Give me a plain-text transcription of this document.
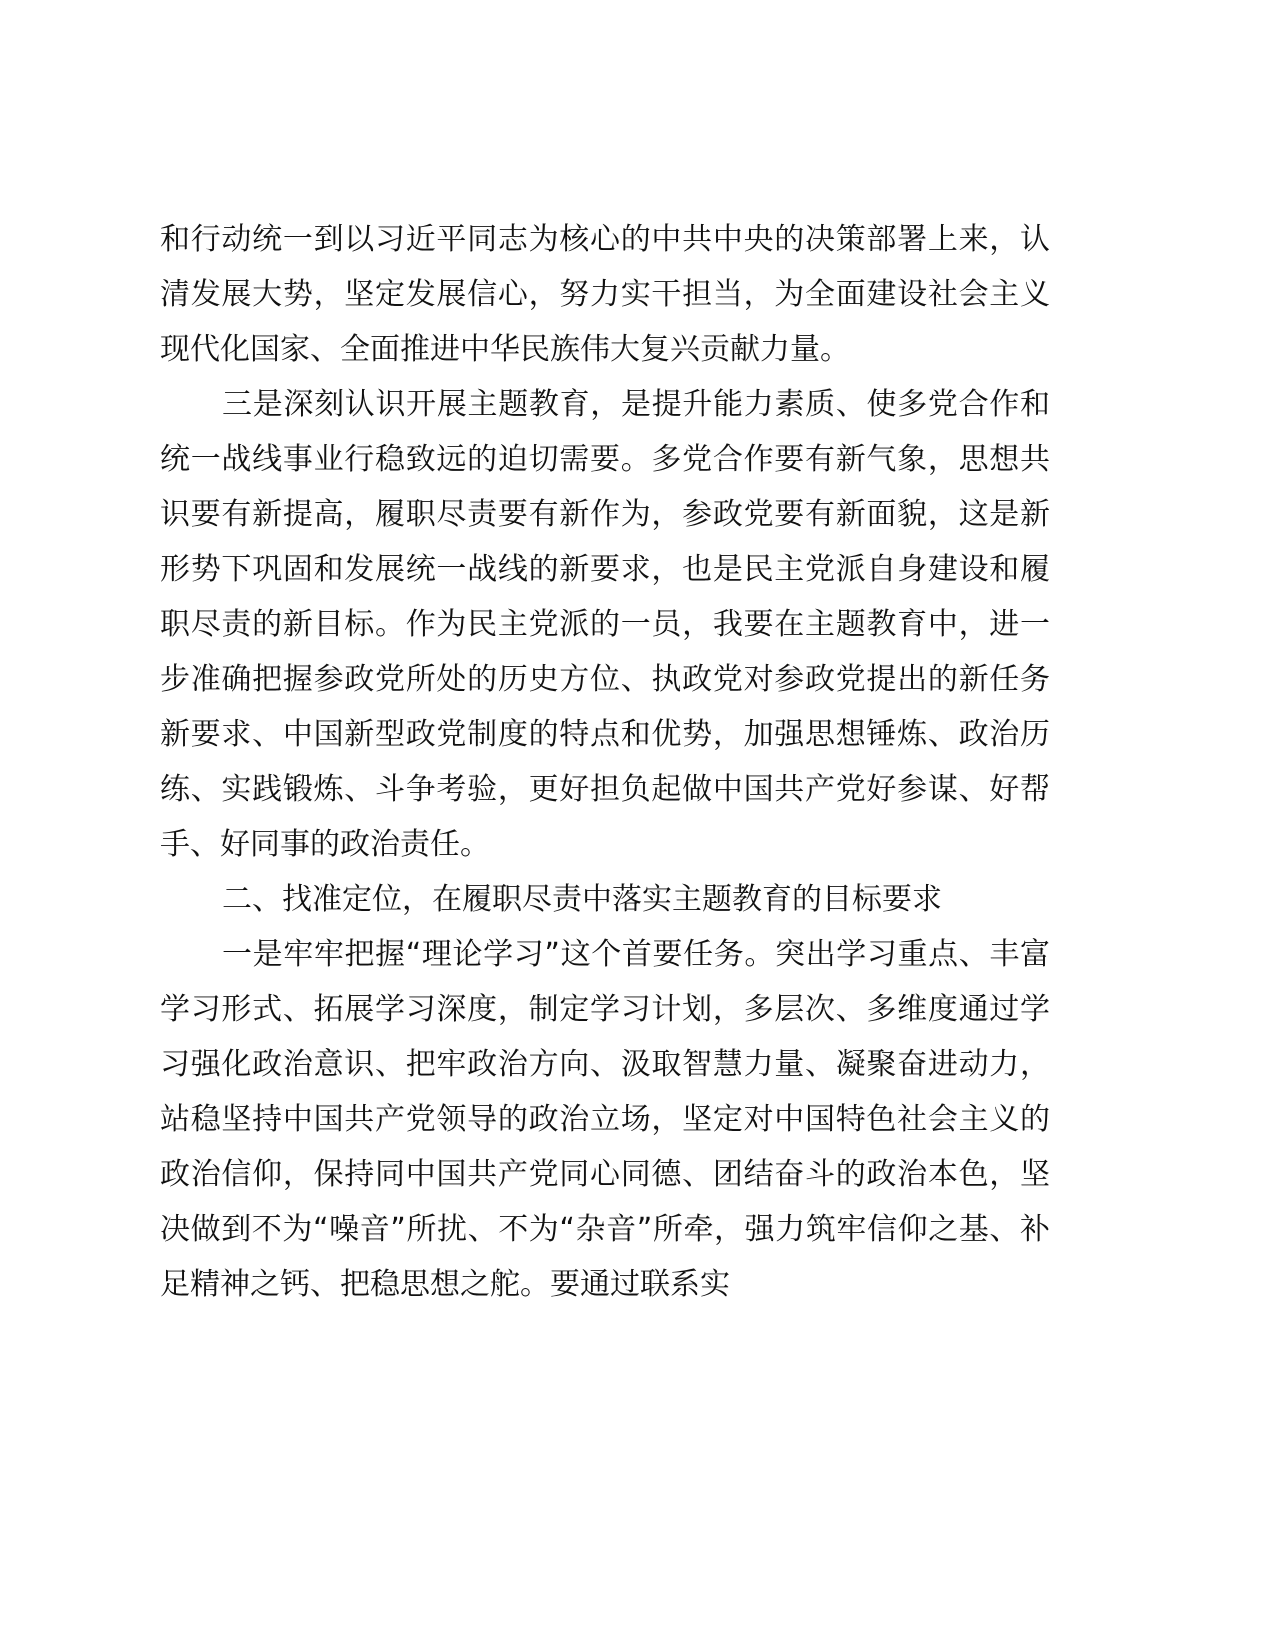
和行动统一到以习近平同志为核心的中共中央的决策部署上来，认清发展大势，坚定发展信心，努力实干担当，为全面建设社会主义现代化国家、全面推进中华民族伟大复兴贡献力量。

三是深刻认识开展主题教育，是提升能力素质、使多党合作和统一战线事业行稳致远的迫切需要。多党合作要有新气象，思想共识要有新提高，履职尽责要有新作为，参政党要有新面貌，这是新形势下巩固和发展统一战线的新要求，也是民主党派自身建设和履职尽责的新目标。作为民主党派的一员，我要在主题教育中，进一步准确把握参政党所处的历史方位、执政党对参政党提出的新任务新要求、中国新型政党制度的特点和优势，加强思想锤炼、政治历练、实践锻炼、斗争考验，更好担负起做中国共产党好参谋、好帮手、好同事的政治责任。

二、找准定位，在履职尽责中落实主题教育的目标要求

一是牢牢把握“理论学习”这个首要任务。突出学习重点、丰富学习形式、拓展学习深度，制定学习计划，多层次、多维度通过学习强化政治意识、把牢政治方向、汲取智慧力量、凝聚奋进动力，站稳坚持中国共产党领导的政治立场，坚定对中国特色社会主义的政治信仰，保持同中国共产党同心同德、团结奋斗的政治本色，坚决做到不为“噪音”所扰、不为“杂音”所牵，强力筑牢信仰之基、补足精神之钙、把稳思想之舵。要通过联系实
